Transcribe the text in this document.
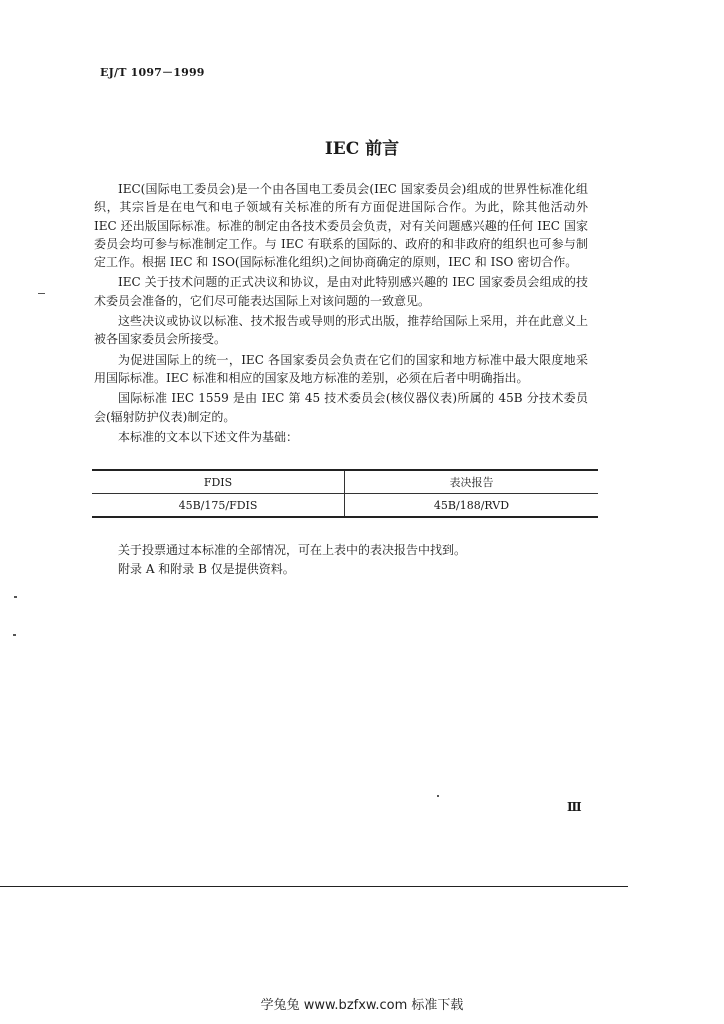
EJ/T 1097－1999
IEC 前言

IEC(国际电工委员会)是一个由各国电工委员会(IEC 国家委员会)组成的世界性标准化组织，其宗旨是在电气和电子领域有关标准的所有方面促进国际合作。为此，除其他活动外 IEC 还出版国际标准。标准的制定由各技术委员会负责，对有关问题感兴趣的任何 IEC 国家委员会均可参与标准制定工作。与 IEC 有联系的国际的、政府的和非政府的组织也可参与制定工作。根据 IEC 和 ISO(国际标准化组织)之间协商确定的原则，IEC 和 ISO 密切合作。

IEC 关于技术问题的正式决议和协议，是由对此特别感兴趣的 IEC 国家委员会组成的技术委员会准备的，它们尽可能表达国际上对该问题的一致意见。

这些决议或协议以标准、技术报告或导则的形式出版，推荐给国际上采用，并在此意义上被各国家委员会所接受。

为促进国际上的统一，IEC 各国家委员会负责在它们的国家和地方标准中最大限度地采用国际标准。IEC 标准和相应的国家及地方标准的差别，必须在后者中明确指出。

国际标准 IEC 1559 是由 IEC 第 45 技术委员会(核仪器仪表)所属的 45B 分技术委员会(辐射防护仪表)制定的。

本标准的文本以下述文件为基础：

FDIS	表决报告
45B/175/FDIS	45B/188/RVD

关于投票通过本标准的全部情况，可在上表中的表决报告中找到。

附录 A 和附录 B 仅是提供资料。

Ⅲ
学兔兔 www.bzfxw.com 标准下载
